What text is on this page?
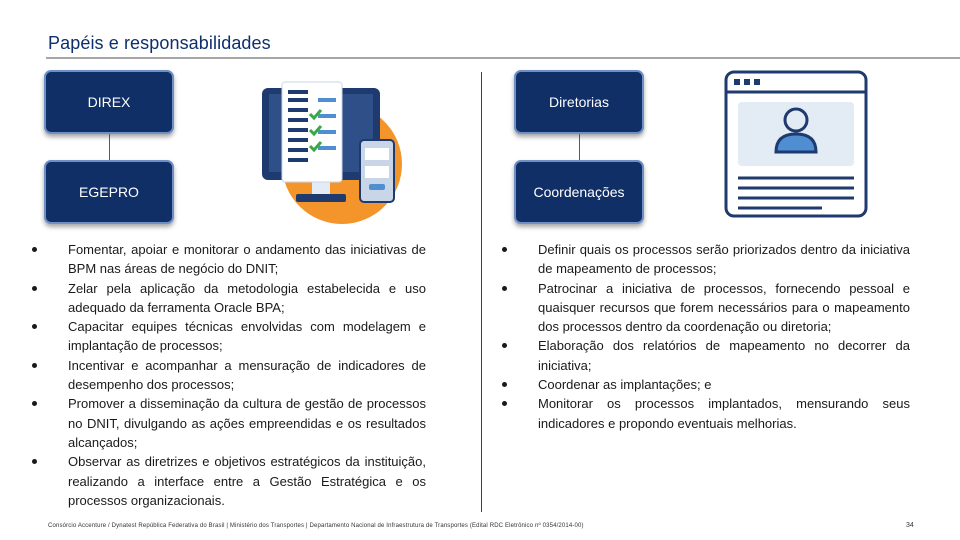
Papéis e responsabilidades
DIREX
EGEPRO
Fomentar, apoiar e monitorar o andamento das iniciativas de BPM nas áreas de negócio do DNIT;
Zelar pela aplicação da metodologia estabelecida e uso adequado da ferramenta Oracle BPA;
Capacitar equipes técnicas envolvidas com modelagem e implantação de processos;
Incentivar e acompanhar a mensuração de indicadores de desempenho dos processos;
Promover a disseminação da cultura de gestão de processos no DNIT, divulgando as ações empreendidas e os resultados alcançados;
Observar as diretrizes e objetivos estratégicos da instituição, realizando a interface entre a Gestão Estratégica e os processos organizacionais.
Diretorias
Coordenações
Definir quais os processos serão priorizados dentro da iniciativa de mapeamento de processos;
Patrocinar a iniciativa de processos, fornecendo pessoal e quaisquer recursos que forem necessários para o mapeamento dos processos dentro da coordenação ou diretoria;
Elaboração dos relatórios de mapeamento no decorrer da iniciativa;
Coordenar as implantações; e
Monitorar os processos implantados, mensurando seus indicadores e propondo eventuais melhorias.
Consórcio Accenture / Dynatest República Federativa do Brasil | Ministério dos Transportes | Departamento Nacional de Infraestrutura de Transportes (Edital RDC Eletrônico nº 0354/2014-00)	34
